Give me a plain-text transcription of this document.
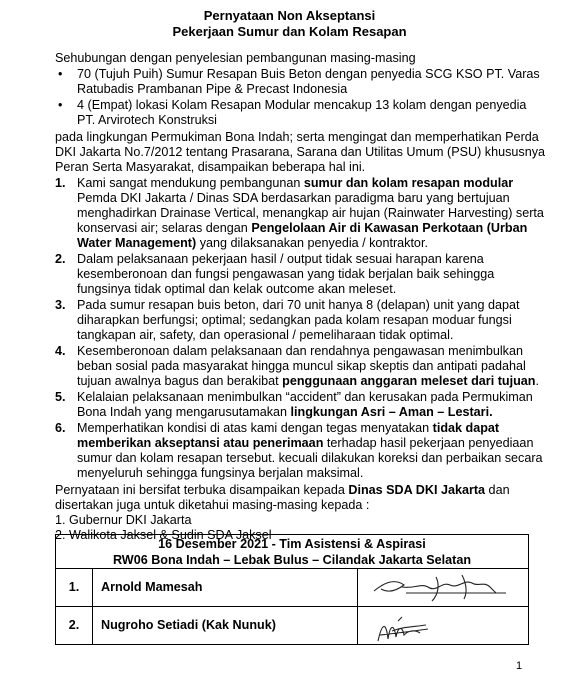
Pernyataan Non Akseptansi
Pekerjaan Sumur dan Kolam Resapan
Sehubungan dengan penyelesian pembangunan masing-masing
• 70 (Tujuh Puih) Sumur Resapan Buis Beton dengan penyedia SCG KSO PT. Varas
Ratubadis Prambanan Pipe & Precast Indonesia
• 4 (Empat) lokasi Kolam Resapan Modular mencakup 13 kolam dengan penyedia
PT. Arvirotech Konstruksi
pada lingkungan Permukiman Bona Indah; serta mengingat dan memperhatikan Perda
DKI Jakarta No.7/2012 tentang Prasarana, Sarana dan Utilitas Umum (PSU) khususnya
Peran Serta Masyarakat, disampaikan beberapa hal ini.
1. Kami sangat mendukung pembangunan sumur dan kolam resapan modular
Pemda DKI Jakarta / Dinas SDA berdasarkan paradigma baru yang bertujuan
menghadirkan Drainase Vertical, menangkap air hujan (Rainwater Harvesting) serta
konservasi air; selaras dengan Pengelolaan Air di Kawasan Perkotaan (Urban
Water Management) yang dilaksanakan penyedia / kontraktor.
2. Dalam pelaksanaan pekerjaan hasil / output tidak sesuai harapan karena
kesemberonoan dan fungsi pengawasan yang tidak berjalan baik sehingga
fungsinya tidak optimal dan kelak outcome akan meleset.
3. Pada sumur resapan buis beton, dari 70 unit hanya 8 (delapan) unit yang dapat
diharapkan berfungsi; optimal; sedangkan pada kolam resapan moduar fungsi
tangkapan air, safety, dan operasional / pemeliharaan tidak optimal.
4. Kesemberonoan dalam pelaksanaan dan rendahnya pengawasan menimbulkan
beban sosial pada masyarakat hingga muncul sikap skeptis dan antipati padahal
tujuan awalnya bagus dan berakibat penggunaan anggaran meleset dari tujuan.
5. Kelalaian pelaksanaan menimbulkan “accident” dan kerusakan pada Permukiman
Bona Indah yang mengarusutamakan lingkungan Asri – Aman – Lestari.
6. Memperhatikan kondisi di atas kami dengan tegas menyatakan tidak dapat
memberikan akseptansi atau penerimaan terhadap hasil pekerjaan penyediaan
sumur dan kolam resapan tersebut. kecuali dilakukan koreksi dan perbaikan secara
menyeluruh sehingga fungsinya berjalan maksimal.
Pernyataan ini bersifat terbuka disampaikan kepada Dinas SDA DKI Jakarta dan
disertakan juga untuk diketahui masing-masing kepada :
1. Gubernur DKI Jakarta
2. Walikota Jaksel & Sudin SDA Jaksel
16 Desember 2021 - Tim Asistensi & Aspirasi
RW06 Bona Indah – Lebak Bulus – Cilandak Jakarta Selatan		

1.	Arnold Mamesah	

2.	Nugroho Setiadi (Kak Nunuk)	
1
